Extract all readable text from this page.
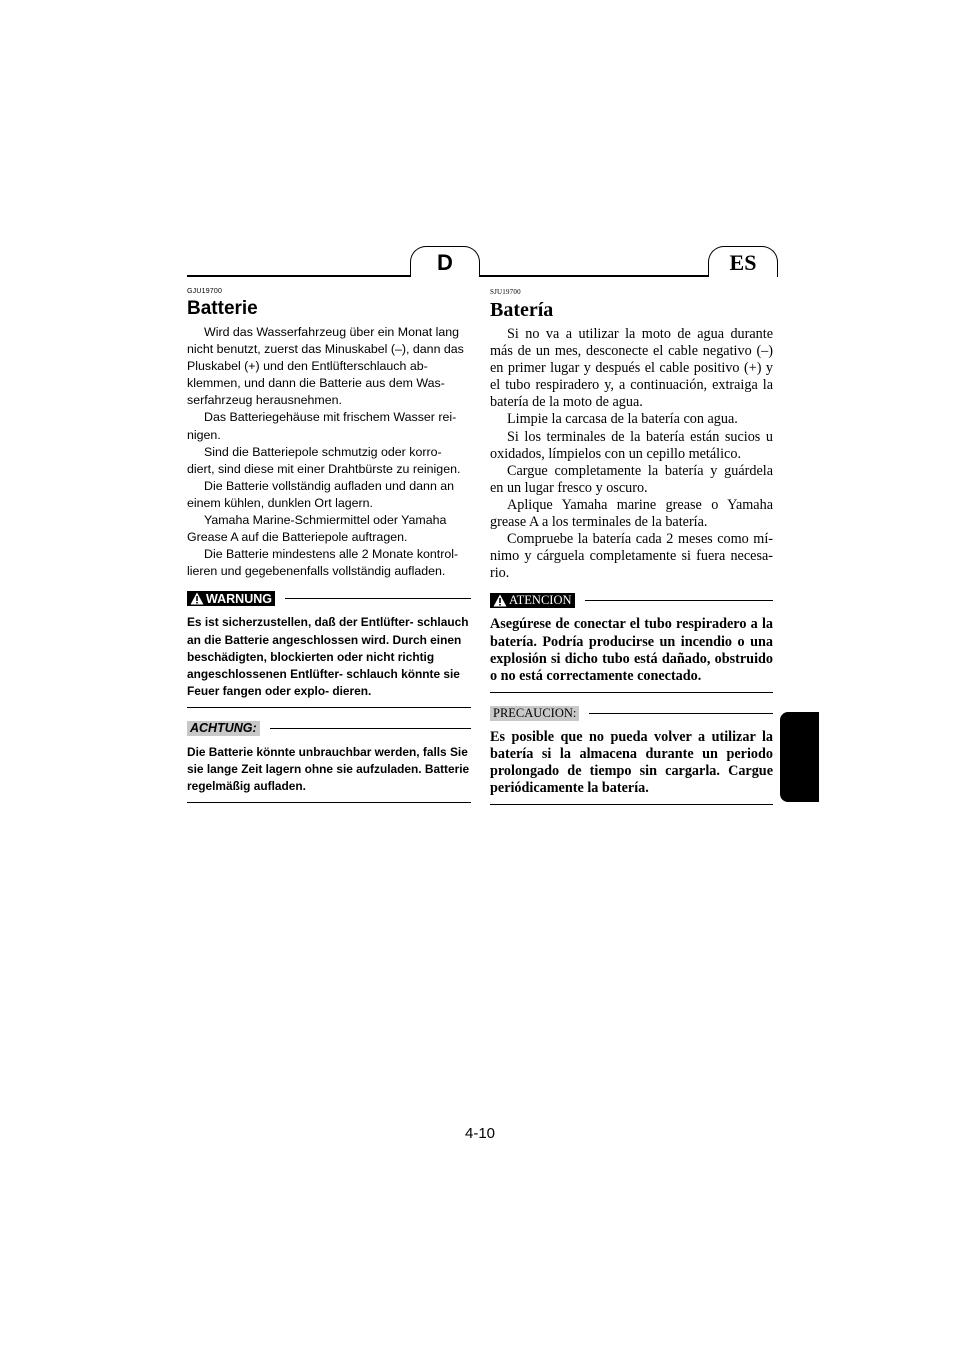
D	ES
GJU19700
Batterie

Wird das Wasserfahrzeug über ein Monat lang nicht benutzt, zuerst das Minuskabel (–), dann das Pluskabel (+) und den Entlüfterschlauch ab- klemmen, und dann die Batterie aus dem Was- serfahrzeug herausnehmen.

Das Batteriegehäuse mit frischem Wasser rei- nigen.

Sind die Batteriepole schmutzig oder korro- diert, sind diese mit einer Drahtbürste zu reinigen.

Die Batterie vollständig aufladen und dann an einem kühlen, dunklen Ort lagern.

Yamaha Marine-Schmiermittel oder Yamaha Grease A auf die Batteriepole auftragen.

Die Batterie mindestens alle 2 Monate kontrol- lieren und gegebenenfalls vollständig aufladen.

WARNUNG
Es ist sicherzustellen, daß der Entlüfter- schlauch an die Batterie angeschlossen wird. Durch einen beschädigten, blockierten oder nicht richtig angeschlossenen Entlüfter- schlauch könnte sie Feuer fangen oder explo- dieren.
ACHTUNG:
Die Batterie könnte unbrauchbar werden, falls Sie sie lange Zeit lagern ohne sie aufzuladen. Batterie regelmäßig aufladen.
SJU19700
Batería

Si no va a utilizar la moto de agua durante más de un mes, desconecte el cable negativo (–) en primer lugar y después el cable positivo (+) y el tubo respiradero y, a continuación, extraiga la batería de la moto de agua.

Limpie la carcasa de la batería con agua.

Si los terminales de la batería están sucios u oxidados, límpielos con un cepillo metálico.

Cargue completamente la batería y guárdela en un lugar fresco y oscuro.

Aplique Yamaha marine grease o Yamaha grease A a los terminales de la batería.

Compruebe la batería cada 2 meses como mí- nimo y cárguela completamente si fuera necesa- rio.

ATENCION
Asegúrese de conectar el tubo respiradero a la batería. Podría producirse un incendio o una explosión si dicho tubo está dañado, obstruido o no está correctamente conectado.
PRECAUCION:
Es posible que no pueda volver a utilizar la batería si la almacena durante un periodo prolongado de tiempo sin cargarla. Cargue periódicamente la batería.
4-10
